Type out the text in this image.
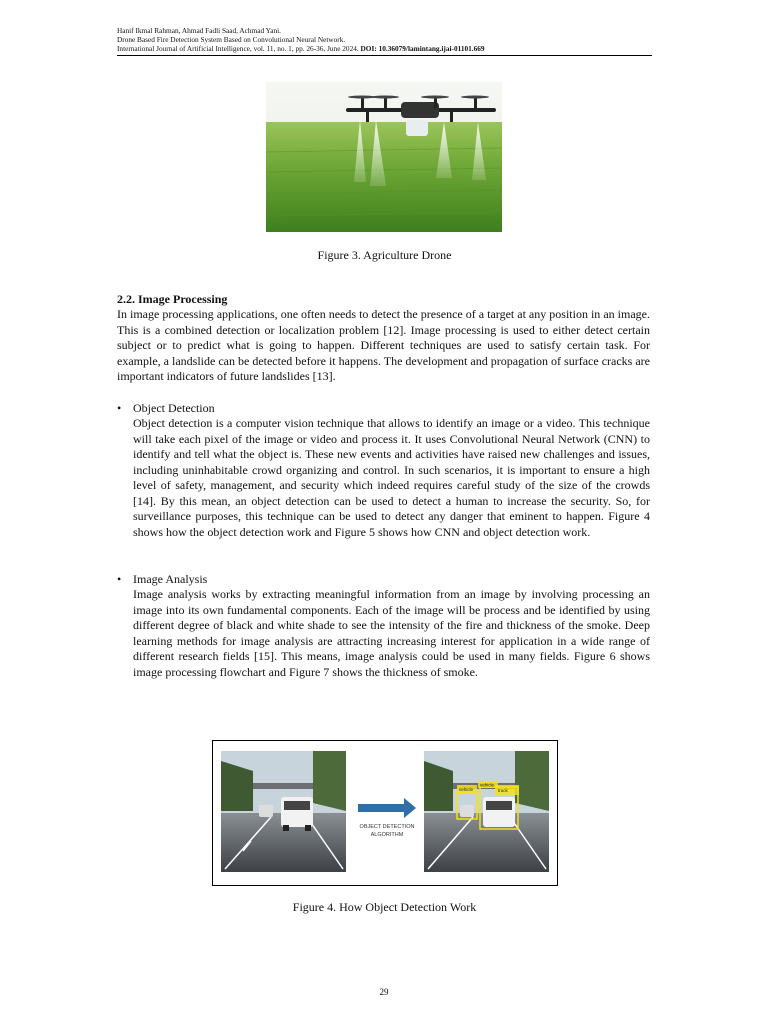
Hanif Ikmal Rahman, Ahmad Fadli Saad, Achmad Yani.
Drone Based Fire Detection System Based on Convolutional Neural Network.
International Journal of Artificial Intelligence, vol. 11, no. 1, pp. 26-36, June 2024. DOI: 10.36079/lamintang.ijai-01101.669
Figure 3. Agriculture Drone
2.2. Image Processing
In image processing applications, one often needs to detect the presence of a target at any position in an image. This is a combined detection or localization problem [12]. Image processing is used to either detect certain subject or to predict what is going to happen. Different techniques are used to satisfy certain task. For example, a landslide can be detected before it happens. The development and propagation of surface cracks are important indicators of future landslides [13].
• Object Detection
Object detection is a computer vision technique that allows to identify an image or a video. This technique will take each pixel of the image or video and process it. It uses Convolutional Neural Network (CNN) to identify and tell what the object is. These new events and activities have raised new challenges and issues, including uninhabitable crowd organizing and control. In such scenarios, it is important to ensure a high level of safety, management, and security which indeed requires careful study of the size of the crowds [14]. By this mean, an object detection can be used to detect a human to increase the security. So, for surveillance purposes, this technique can be used to detect any danger that eminent to happen. Figure 4 shows how the object detection work and Figure 5 shows how CNN and object detection work.
• Image Analysis
Image analysis works by extracting meaningful information from an image by involving processing an image into its own fundamental components. Each of the image will be process and be identified by using different degree of black and white shade to see the intensity of the fire and thickness of the smoke. Deep learning methods for image analysis are attracting increasing interest for application in a wide range of different research fields [15]. This means, image analysis could be used in many fields. Figure 6 shows image processing flowchart and Figure 7 shows the thickness of smoke.
OBJECT DETECTION
ALGORITHM
vehicle
vehicle
truck
Figure 4. How Object Detection Work
29
